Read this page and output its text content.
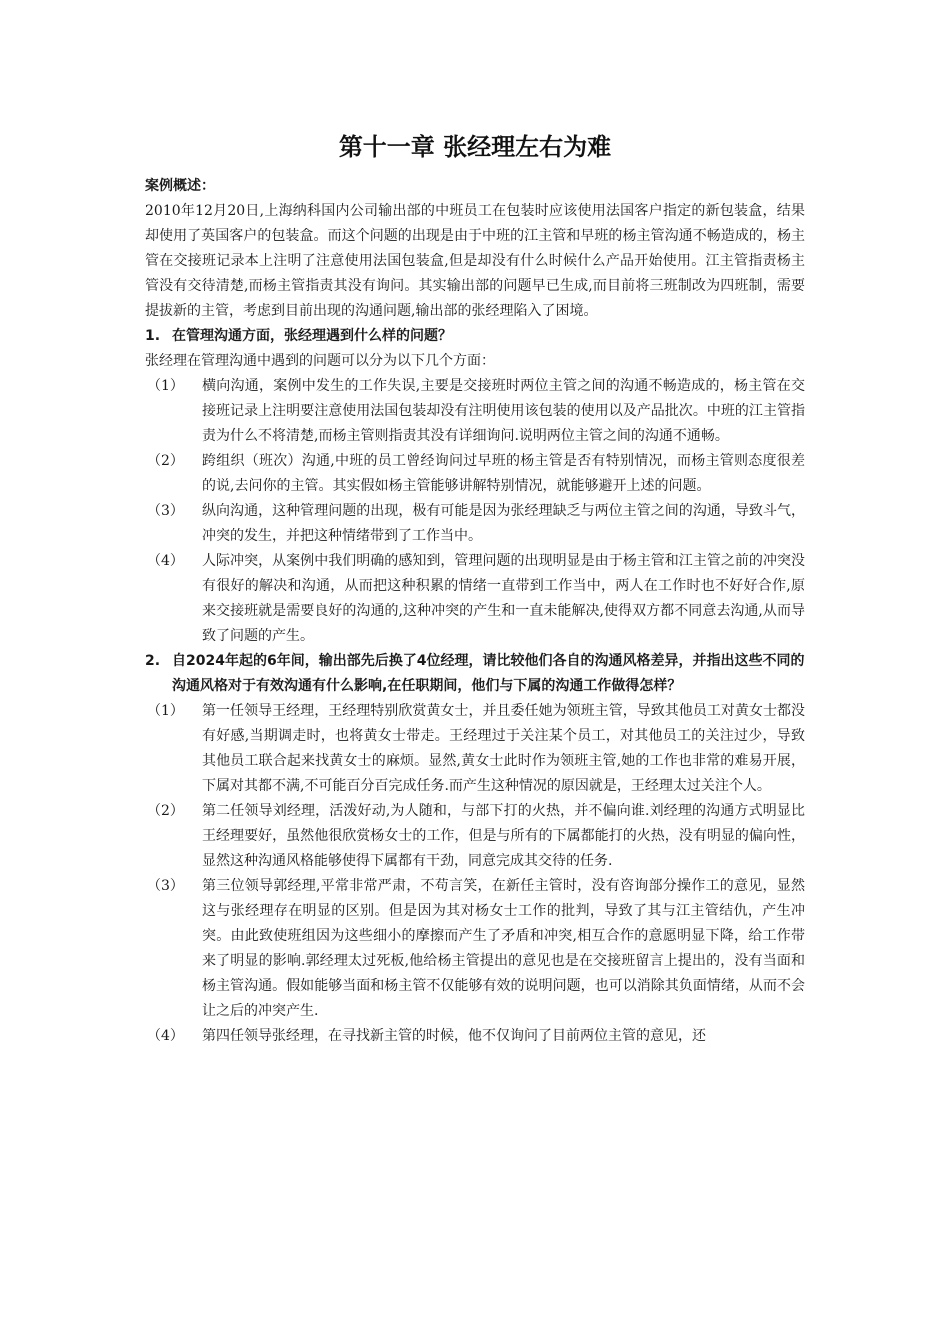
第十一章 张经理左右为难
案例概述：

2010年12月20日,上海纳科国内公司输出部的中班员工在包装时应该使用法国客户指定的新包装盒，结果却使用了英国客户的包装盒。而这个问题的出现是由于中班的江主管和早班的杨主管沟通不畅造成的，杨主管在交接班记录本上注明了注意使用法国包装盒,但是却没有什么时候什么产品开始使用。江主管指责杨主管没有交待清楚,而杨主管指责其没有询问。其实输出部的问题早已生成,而目前将三班制改为四班制，需要提拔新的主管，考虑到目前出现的沟通问题,输出部的张经理陷入了困境。

1. 在管理沟通方面，张经理遇到什么样的问题？

张经理在管理沟通中遇到的问题可以分为以下几个方面：

（1） 横向沟通，案例中发生的工作失误,主要是交接班时两位主管之间的沟通不畅造成的，杨主管在交接班记录上注明要注意使用法国包装却没有注明使用该包装的使用以及产品批次。中班的江主管指责为什么不将清楚,而杨主管则指责其没有详细询问.说明两位主管之间的沟通不通畅。

（2） 跨组织（班次）沟通,中班的员工曾经询问过早班的杨主管是否有特别情况，而杨主管则态度很差的说,去问你的主管。其实假如杨主管能够讲解特别情况，就能够避开上述的问题。

（3） 纵向沟通，这种管理问题的出现，极有可能是因为张经理缺乏与两位主管之间的沟通，导致斗气，冲突的发生，并把这种情绪带到了工作当中。

（4） 人际冲突，从案例中我们明确的感知到，管理问题的出现明显是由于杨主管和江主管之前的冲突没有很好的解决和沟通，从而把这种积累的情绪一直带到工作当中，两人在工作时也不好好合作,原来交接班就是需要良好的沟通的,这种冲突的产生和一直未能解决,使得双方都不同意去沟通,从而导致了问题的产生。

2. 自2024年起的6年间，输出部先后换了4位经理，请比较他们各自的沟通风格差异，并指出这些不同的沟通风格对于有效沟通有什么影响,在任职期间，他们与下属的沟通工作做得怎样？

（1） 第一任领导王经理，王经理特别欣赏黄女士，并且委任她为领班主管，导致其他员工对黄女士都没有好感,当期调走时，也将黄女士带走。王经理过于关注某个员工，对其他员工的关注过少，导致其他员工联合起来找黄女士的麻烦。显然,黄女士此时作为领班主管,她的工作也非常的难易开展，下属对其都不满,不可能百分百完成任务.而产生这种情况的原因就是，王经理太过关注个人。

（2） 第二任领导刘经理，活泼好动,为人随和，与部下打的火热，并不偏向谁.刘经理的沟通方式明显比王经理要好，虽然他很欣赏杨女士的工作，但是与所有的下属都能打的火热，没有明显的偏向性，显然这种沟通风格能够使得下属都有干劲，同意完成其交待的任务.

（3） 第三位领导郭经理,平常非常严肃，不苟言笑，在新任主管时，没有咨询部分操作工的意见，显然这与张经理存在明显的区别。但是因为其对杨女士工作的批判，导致了其与江主管结仇，产生冲突。由此致使班组因为这些细小的摩擦而产生了矛盾和冲突,相互合作的意愿明显下降，给工作带来了明显的影响.郭经理太过死板,他给杨主管提出的意见也是在交接班留言上提出的，没有当面和杨主管沟通。假如能够当面和杨主管不仅能够有效的说明问题，也可以消除其负面情绪，从而不会让之后的冲突产生.

（4） 第四任领导张经理，在寻找新主管的时候，他不仅询问了目前两位主管的意见，还
